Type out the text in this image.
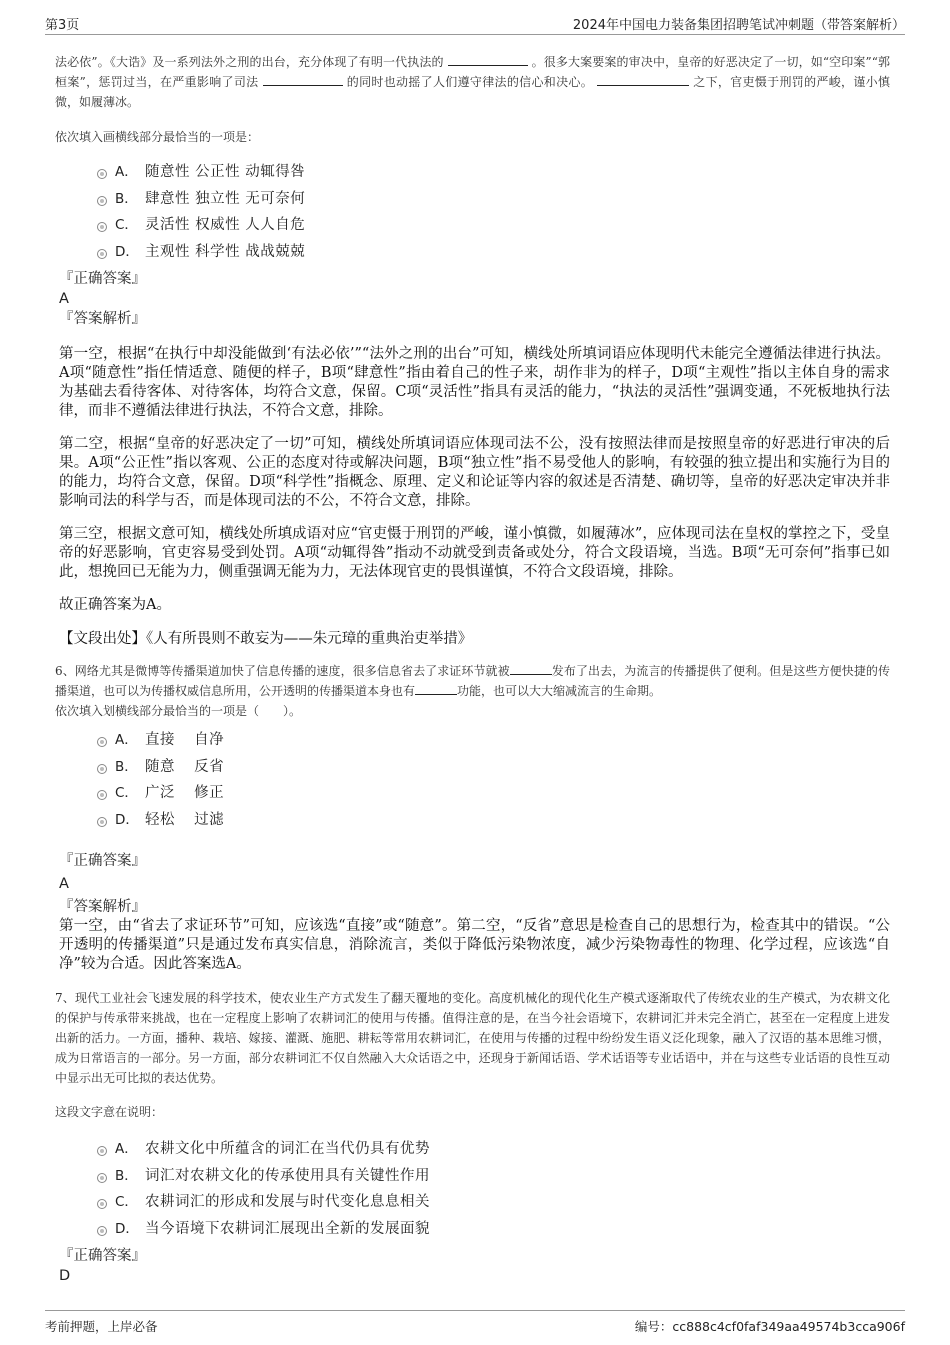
第3页	2024年中国电力装备集团招聘笔试冲刺题（带答案解析）

法必依”。《大诰》及一系列法外之刑的出台，充分体现了有明一代执法的	。很多大案要案的审决中，皇帝的好恶决定了一切，如“空印案”“郭桓案”，惩罚过当，在严重影响了司法	的同时也动摇了人们遵守律法的信心和决心。	之下，官吏慑于刑罚的严峻，谨小慎微，如履薄冰。

依次填入画横线部分最恰当的一项是：

A． 随意性 公正性 动辄得咎
B． 肆意性 独立性 无可奈何
C． 灵活性 权威性 人人自危
D． 主观性 科学性 战战兢兢

『正确答案』

A

『答案解析』

第一空，根据“在执行中却没能做到‘有法必依’”“法外之刑的出台”可知，横线处所填词语应体现明代未能完全遵循法律进行执法。A项“随意性”指任情适意、随便的样子，B项“肆意性”指由着自己的性子来，胡作非为的样子，D项“主观性”指以主体自身的需求为基础去看待客体、对待客体，均符合文意，保留。C项“灵活性”指具有灵活的能力，“执法的灵活性”强调变通，不死板地执行法律，而非不遵循法律进行执法，不符合文意，排除。

第二空，根据“皇帝的好恶决定了一切”可知，横线处所填词语应体现司法不公，没有按照法律而是按照皇帝的好恶进行审决的后果。A项“公正性”指以客观、公正的态度对待或解决问题，B项“独立性”指不易受他人的影响，有较强的独立提出和实施行为目的的能力，均符合文意，保留。D项“科学性”指概念、原理、定义和论证等内容的叙述是否清楚、确切等，皇帝的好恶决定审决并非影响司法的科学与否，而是体现司法的不公，不符合文意，排除。

第三空，根据文意可知，横线处所填成语对应“官吏慑于刑罚的严峻，谨小慎微，如履薄冰”，应体现司法在皇权的掌控之下，受皇帝的好恶影响，官吏容易受到处罚。A项“动辄得咎”指动不动就受到责备或处分，符合文段语境，当选。B项“无可奈何”指事已如此，想挽回已无能为力，侧重强调无能为力，无法体现官吏的畏惧谨慎，不符合文段语境，排除。

故正确答案为A。

【文段出处】《人有所畏则不敢妄为——朱元璋的重典治吏举措》

6、网络尤其是微博等传播渠道加快了信息传播的速度，很多信息省去了求证环节就被	发布了出去，为流言的传播提供了便利。但是这些方便快捷的传播渠道，也可以为传播权威信息所用，公开透明的传播渠道本身也有	功能，也可以大大缩减流言的生命期。
依次填入划横线部分最恰当的一项是（　　）。

A． 直接 自净
B． 随意 反省
C． 广泛 修正
D． 轻松 过滤

『正确答案』

A

『答案解析』

第一空，由“省去了求证环节”可知，应该选“直接”或“随意”。第二空，“反省”意思是检查自己的思想行为，检查其中的错误。“公开透明的传播渠道”只是通过发布真实信息，消除流言，类似于降低污染物浓度，减少污染物毒性的物理、化学过程，应该选“自净”较为合适。因此答案选A。

7、现代工业社会飞速发展的科学技术，使农业生产方式发生了翻天覆地的变化。高度机械化的现代化生产模式逐渐取代了传统农业的生产模式，为农耕文化的保护与传承带来挑战，也在一定程度上影响了农耕词汇的使用与传播。值得注意的是，在当今社会语境下，农耕词汇并未完全消亡，甚至在一定程度上进发出新的活力。一方面，播种、栽培、嫁接、灌溉、施肥、耕耘等常用农耕词汇，在使用与传播的过程中纷纷发生语义泛化现象，融入了汉语的基本思维习惯，成为日常语言的一部分。另一方面，部分农耕词汇不仅自然融入大众话语之中，还现身于新闻话语、学术话语等专业话语中，并在与这些专业话语的良性互动中显示出无可比拟的表达优势。

这段文字意在说明：

A． 农耕文化中所蕴含的词汇在当代仍具有优势
B． 词汇对农耕文化的传承使用具有关键性作用
C． 农耕词汇的形成和发展与时代变化息息相关
D． 当今语境下农耕词汇展现出全新的发展面貌

『正确答案』

D

考前押题，上岸必备	编号：cc888c4cf0faf349aa49574b3cca906f
